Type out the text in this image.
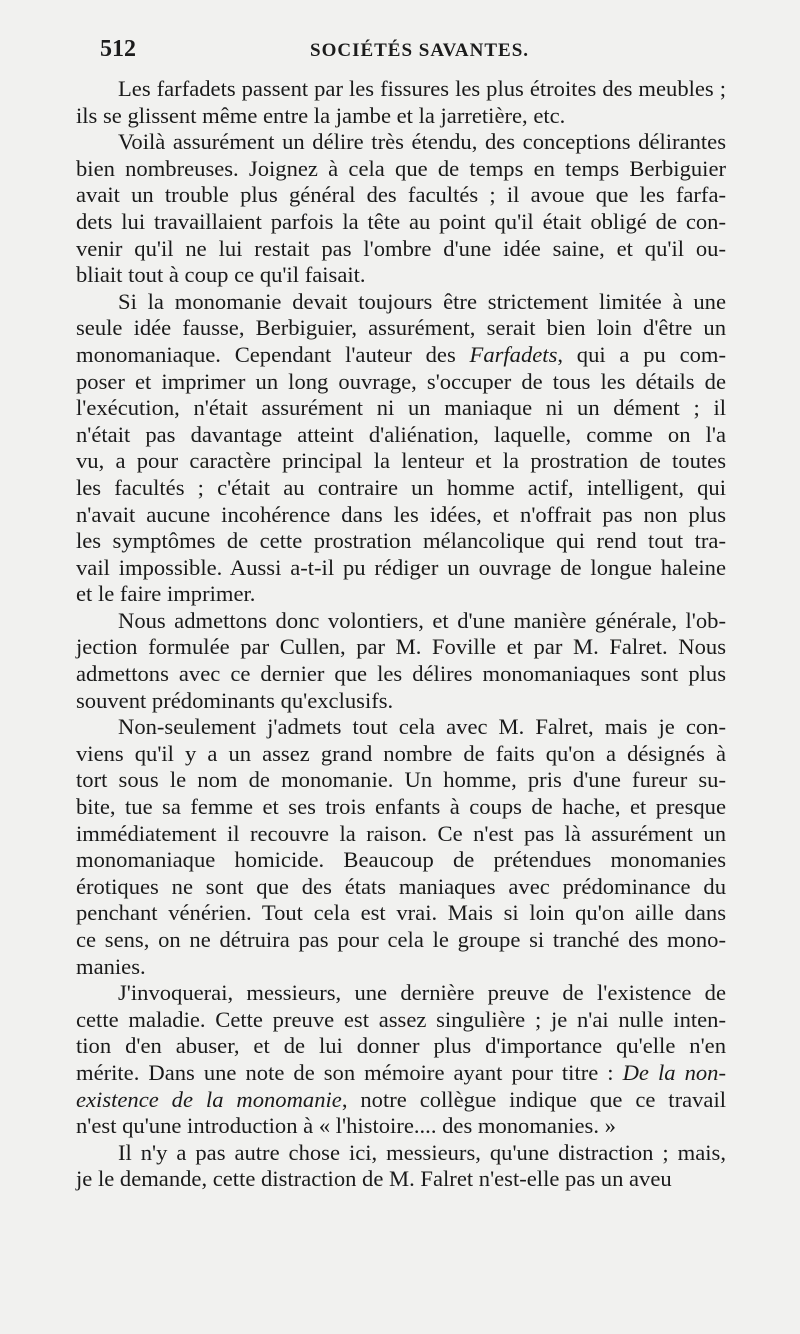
512	SOCIÉTÉS SAVANTES.

Les farfadets passent par les fissures les plus étroites des meubles ;
ils se glissent même entre la jambe et la jarretière, etc.

Voilà assurément un délire très étendu, des conceptions délirantes
bien nombreuses. Joignez à cela que de temps en temps Berbiguier
avait un trouble plus général des facultés ; il avoue que les farfa-
dets lui travaillaient parfois la tête au point qu'il était obligé de con-
venir qu'il ne lui restait pas l'ombre d'une idée saine, et qu'il ou-
bliait tout à coup ce qu'il faisait.

Si la monomanie devait toujours être strictement limitée à une
seule idée fausse, Berbiguier, assurément, serait bien loin d'être un
monomaniaque. Cependant l'auteur des Farfadets, qui a pu com-
poser et imprimer un long ouvrage, s'occuper de tous les détails de
l'exécution, n'était assurément ni un maniaque ni un dément ; il
n'était pas davantage atteint d'aliénation, laquelle, comme on l'a
vu, a pour caractère principal la lenteur et la prostration de toutes
les facultés ; c'était au contraire un homme actif, intelligent, qui
n'avait aucune incohérence dans les idées, et n'offrait pas non plus
les symptômes de cette prostration mélancolique qui rend tout tra-
vail impossible. Aussi a-t-il pu rédiger un ouvrage de longue haleine
et le faire imprimer.

Nous admettons donc volontiers, et d'une manière générale, l'ob-
jection formulée par Cullen, par M. Foville et par M. Falret. Nous
admettons avec ce dernier que les délires monomaniaques sont plus
souvent prédominants qu'exclusifs.

Non-seulement j'admets tout cela avec M. Falret, mais je con-
viens qu'il y a un assez grand nombre de faits qu'on a désignés à
tort sous le nom de monomanie. Un homme, pris d'une fureur su-
bite, tue sa femme et ses trois enfants à coups de hache, et presque
immédiatement il recouvre la raison. Ce n'est pas là assurément un
monomaniaque homicide. Beaucoup de prétendues monomanies
érotiques ne sont que des états maniaques avec prédominance du
penchant vénérien. Tout cela est vrai. Mais si loin qu'on aille dans
ce sens, on ne détruira pas pour cela le groupe si tranché des mono-
manies.

J'invoquerai, messieurs, une dernière preuve de l'existence de
cette maladie. Cette preuve est assez singulière ; je n'ai nulle inten-
tion d'en abuser, et de lui donner plus d'importance qu'elle n'en
mérite. Dans une note de son mémoire ayant pour titre : De la non-
existence de la monomanie, notre collègue indique que ce travail
n'est qu'une introduction à « l'histoire.... des monomanies. »

Il n'y a pas autre chose ici, messieurs, qu'une distraction ; mais,
je le demande, cette distraction de M. Falret n'est-elle pas un aveu
